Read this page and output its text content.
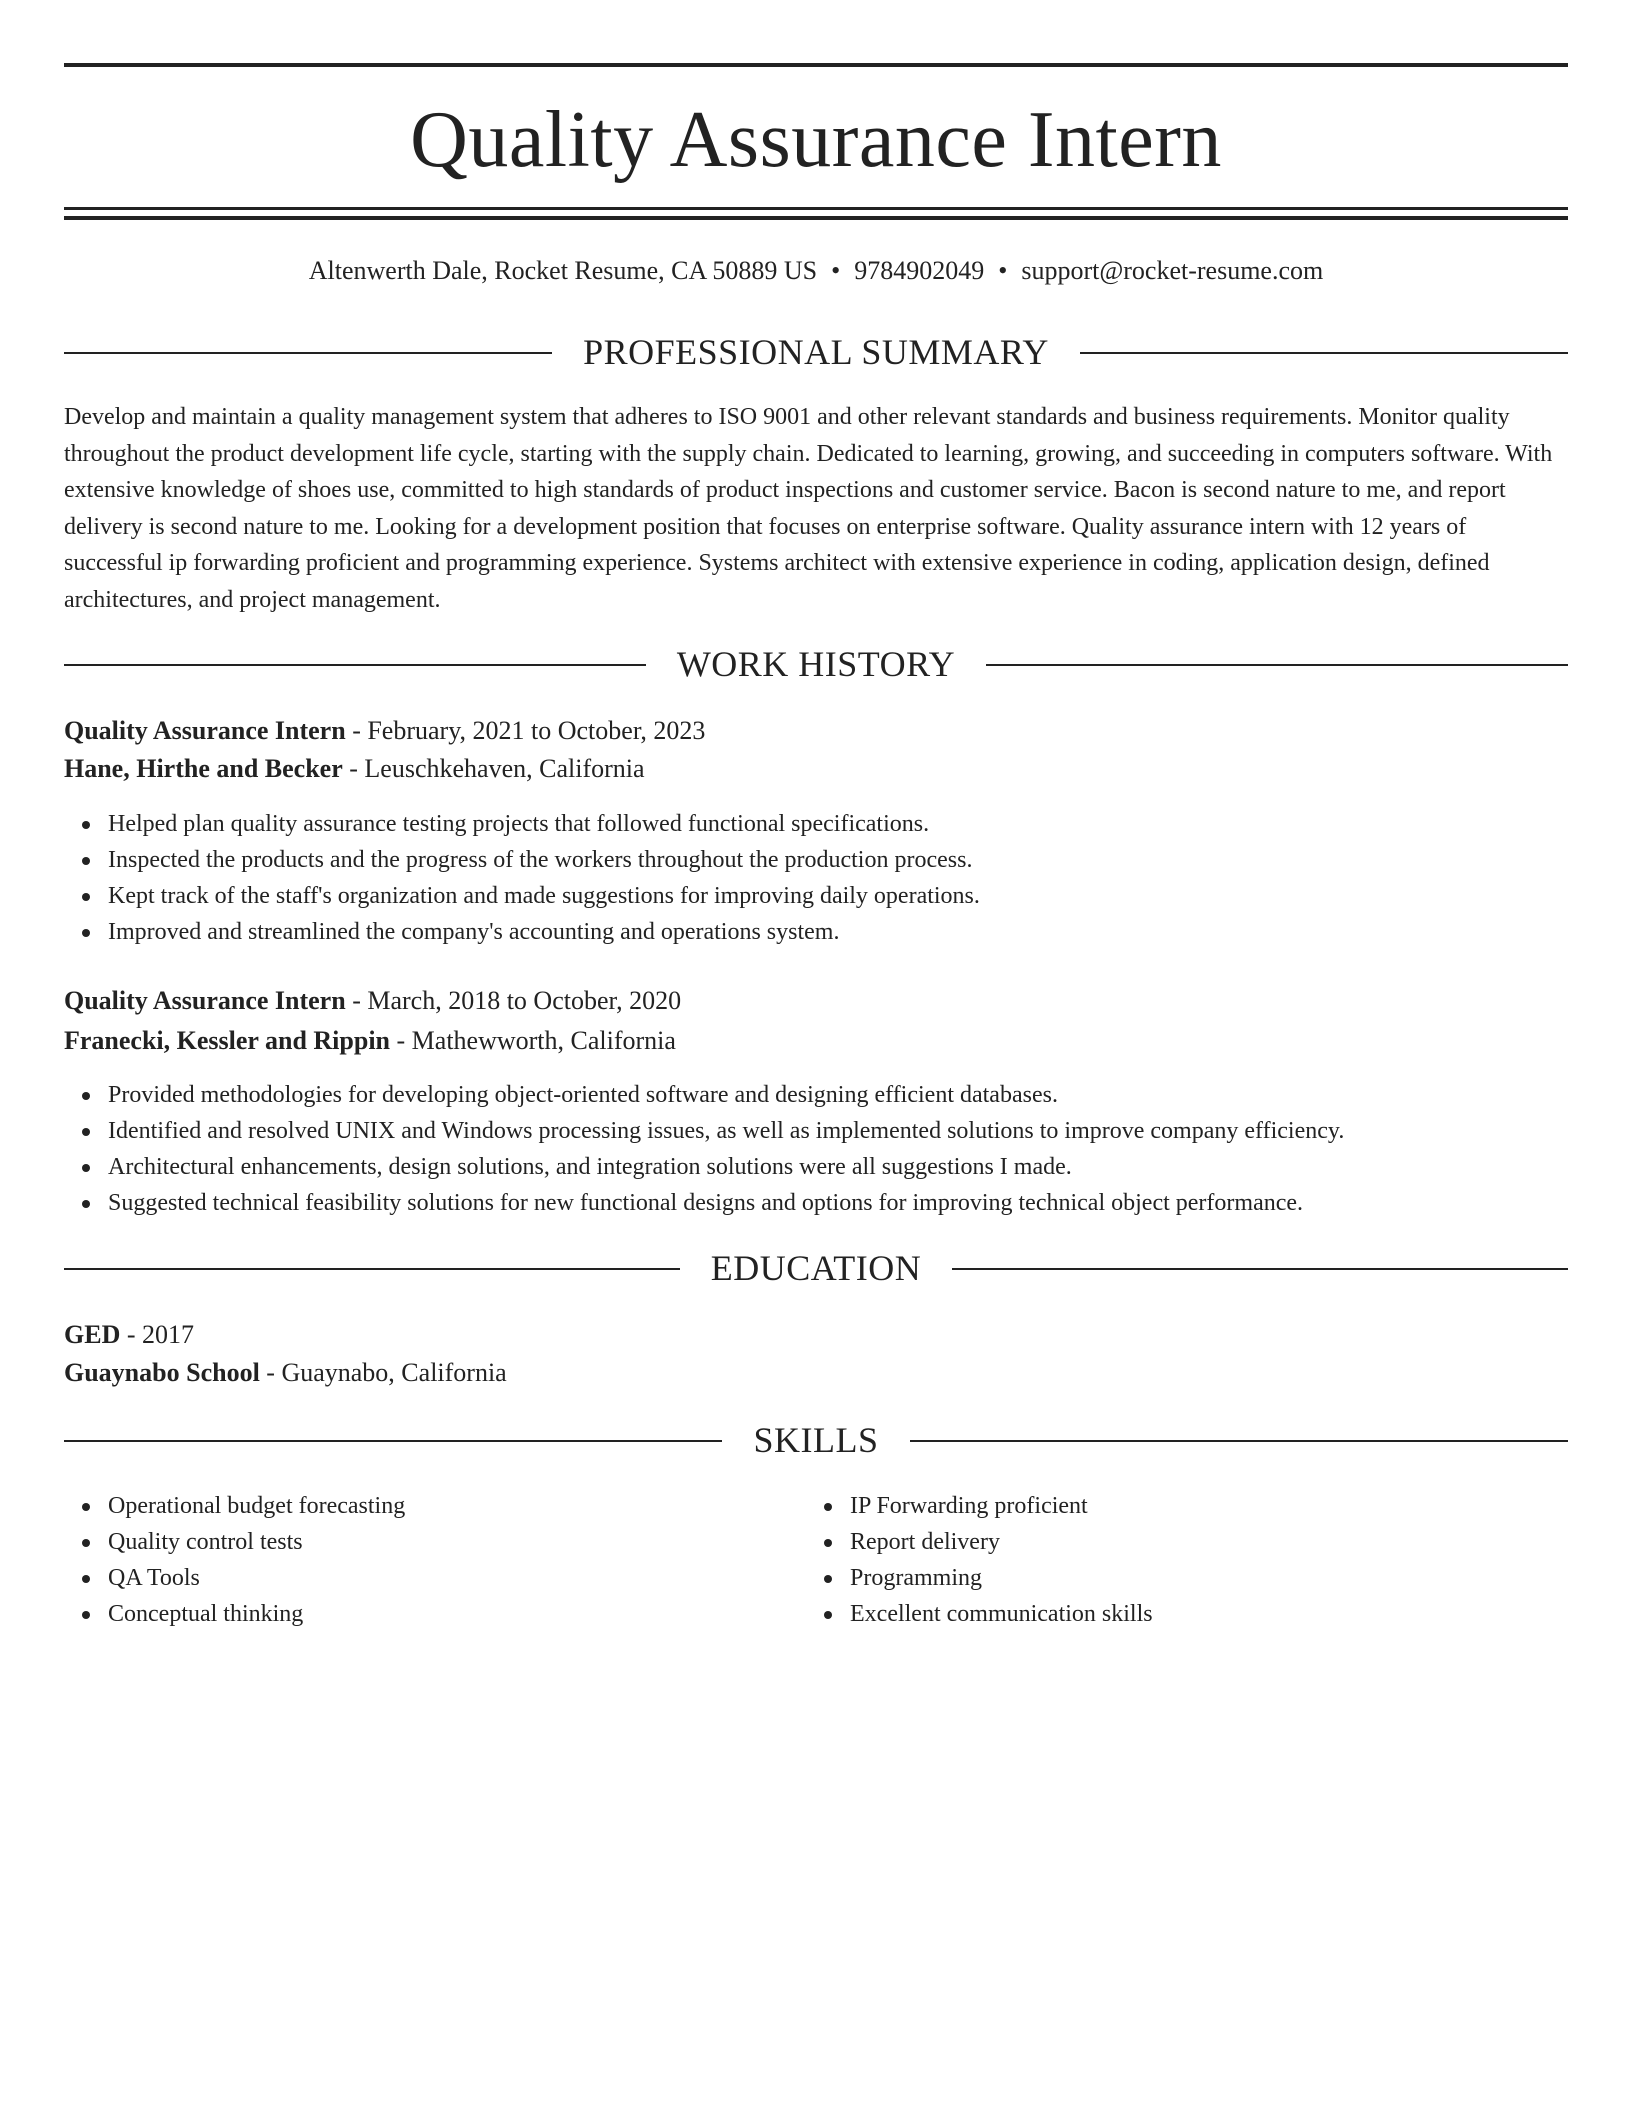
Quality Assurance Intern
Altenwerth Dale, Rocket Resume, CA 50889 US • 9784902049 • support@rocket-resume.com
PROFESSIONAL SUMMARY
Develop and maintain a quality management system that adheres to ISO 9001 and other relevant standards and business requirements. Monitor quality throughout the product development life cycle, starting with the supply chain. Dedicated to learning, growing, and succeeding in computers software. With extensive knowledge of shoes use, committed to high standards of product inspections and customer service. Bacon is second nature to me, and report delivery is second nature to me. Looking for a development position that focuses on enterprise software. Quality assurance intern with 12 years of successful ip forwarding proficient and programming experience. Systems architect with extensive experience in coding, application design, defined architectures, and project management.
WORK HISTORY
Quality Assurance Intern - February, 2021 to October, 2023
Hane, Hirthe and Becker - Leuschkehaven, California
Helped plan quality assurance testing projects that followed functional specifications.
Inspected the products and the progress of the workers throughout the production process.
Kept track of the staff's organization and made suggestions for improving daily operations.
Improved and streamlined the company's accounting and operations system.
Quality Assurance Intern - March, 2018 to October, 2020
Franecki, Kessler and Rippin - Mathewworth, California
Provided methodologies for developing object-oriented software and designing efficient databases.
Identified and resolved UNIX and Windows processing issues, as well as implemented solutions to improve company efficiency.
Architectural enhancements, design solutions, and integration solutions were all suggestions I made.
Suggested technical feasibility solutions for new functional designs and options for improving technical object performance.
EDUCATION
GED - 2017
Guaynabo School - Guaynabo, California
SKILLS
Operational budget forecasting
Quality control tests
QA Tools
Conceptual thinking
IP Forwarding proficient
Report delivery
Programming
Excellent communication skills
